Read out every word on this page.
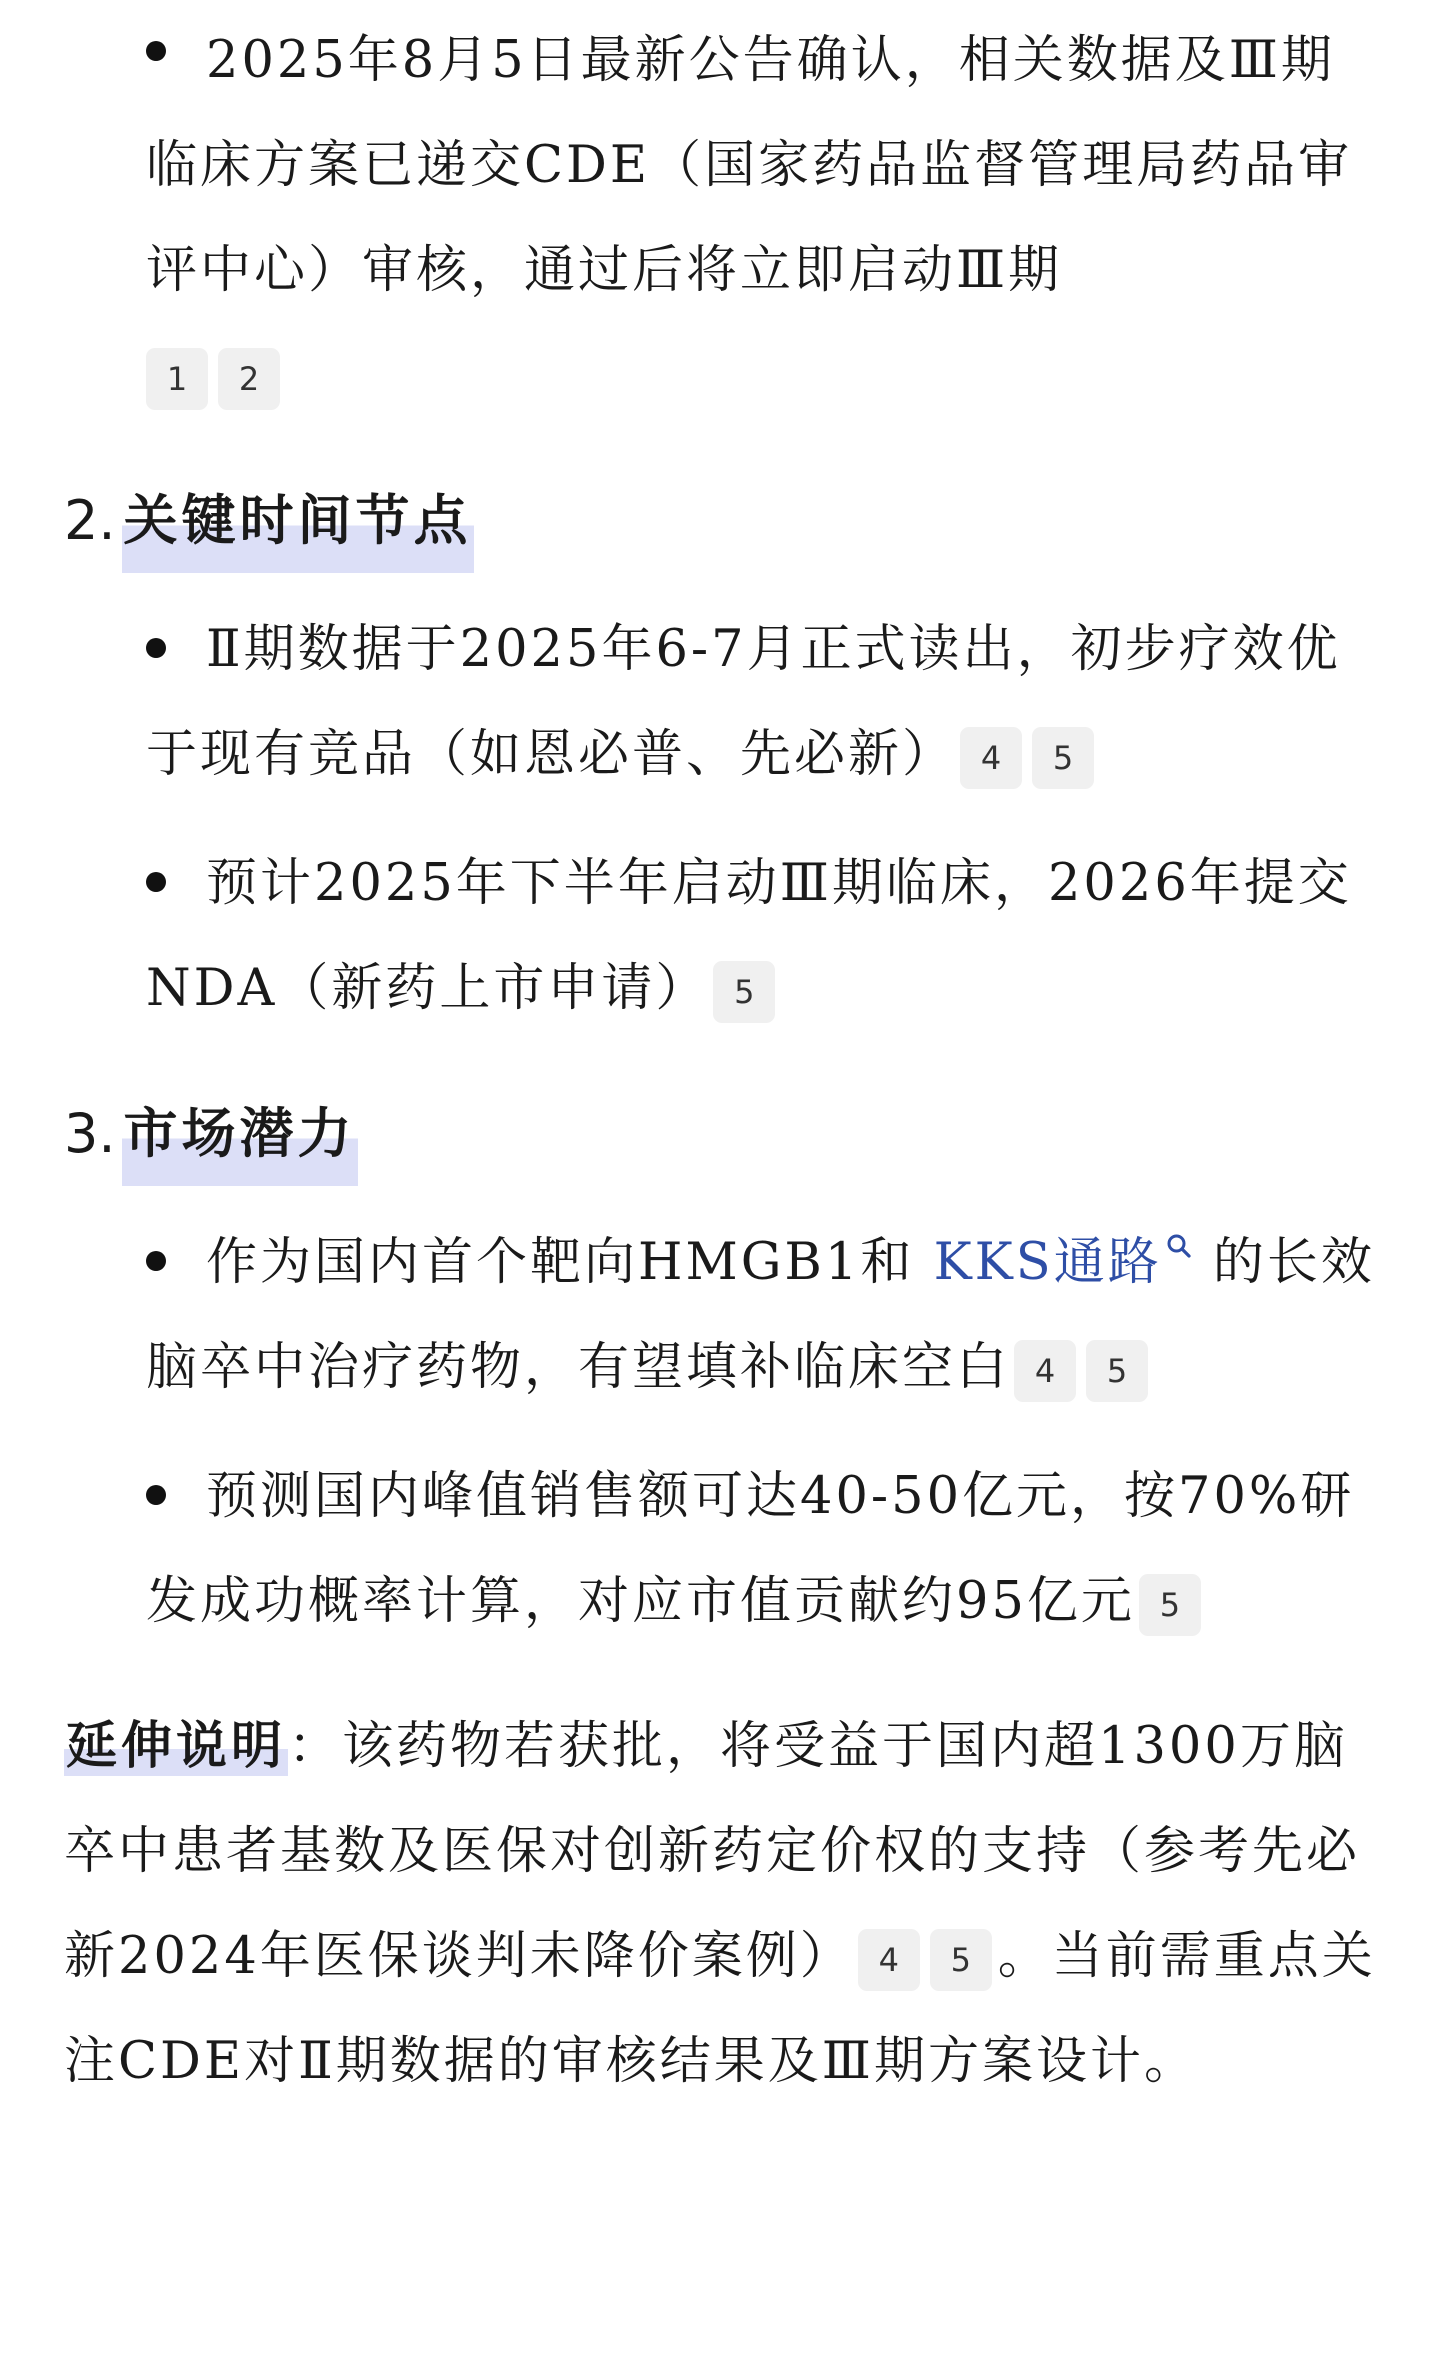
2025年8月5日最新公告确认，相关数据及Ⅲ期临床方案已递交CDE（国家药品监督管理局药品审评中心）审核，通过后将立即启动Ⅲ期
1 2
2. 关键时间节点
Ⅱ期数据于2025年6-7月正式读出，初步疗效优于现有竞品（如恩必普、先必新） 4 5
预计2025年下半年启动Ⅲ期临床，2026年提交NDA（新药上市申请） 5
3. 市场潜力
作为国内首个靶向HMGB1和 KKS通路 的长效脑卒中治疗药物，有望填补临床空白 4 5
预测国内峰值销售额可达40-50亿元，按70%研发成功概率计算，对应市值贡献约95亿元 5

延伸说明：该药物若获批，将受益于国内超1300万脑卒中患者基数及医保对创新药定价权的支持（参考先必新2024年医保谈判未降价案例） 4 5 。当前需重点关注CDE对Ⅱ期数据的审核结果及Ⅲ期方案设计。
